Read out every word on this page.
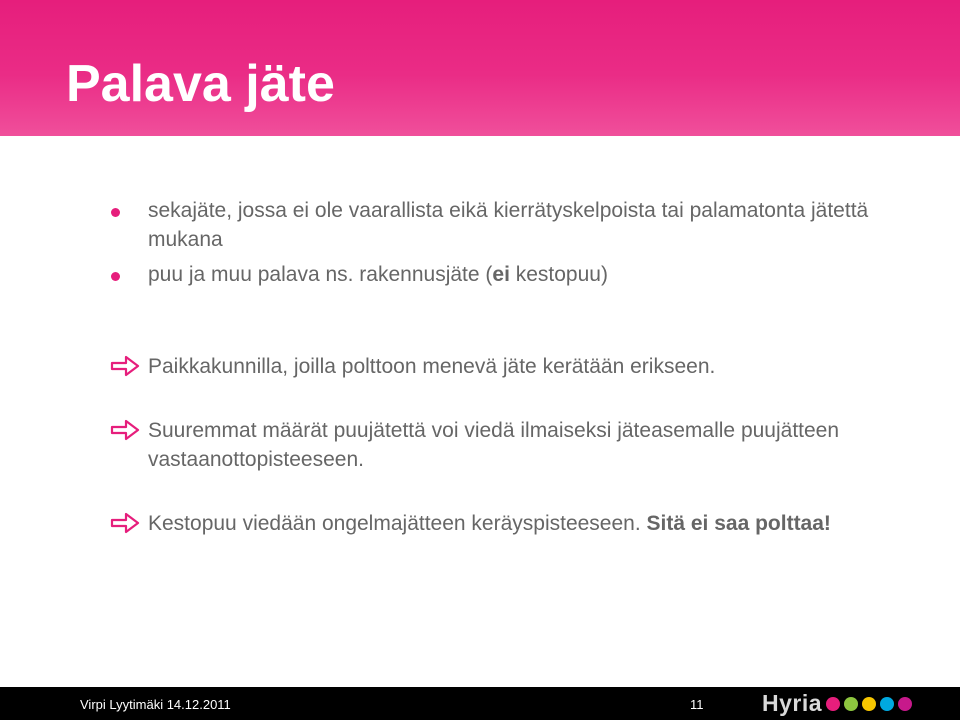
Palava jäte
sekajäte, jossa ei ole vaarallista eikä kierrätyskelpoista tai palamatonta jätettä mukana
puu ja muu palava ns. rakennusjäte (ei kestopuu)
Paikkakunnilla, joilla polttoon menevä jäte kerätään erikseen.
Suuremmat määrät puujätettä voi viedä ilmaiseksi jäteasemalle puujätteen vastaanottopisteeseen.
Kestopuu viedään ongelmajätteen keräyspisteeseen. Sitä ei saa polttaa!
Virpi Lyytimäki 14.12.2011	11	Hyria
